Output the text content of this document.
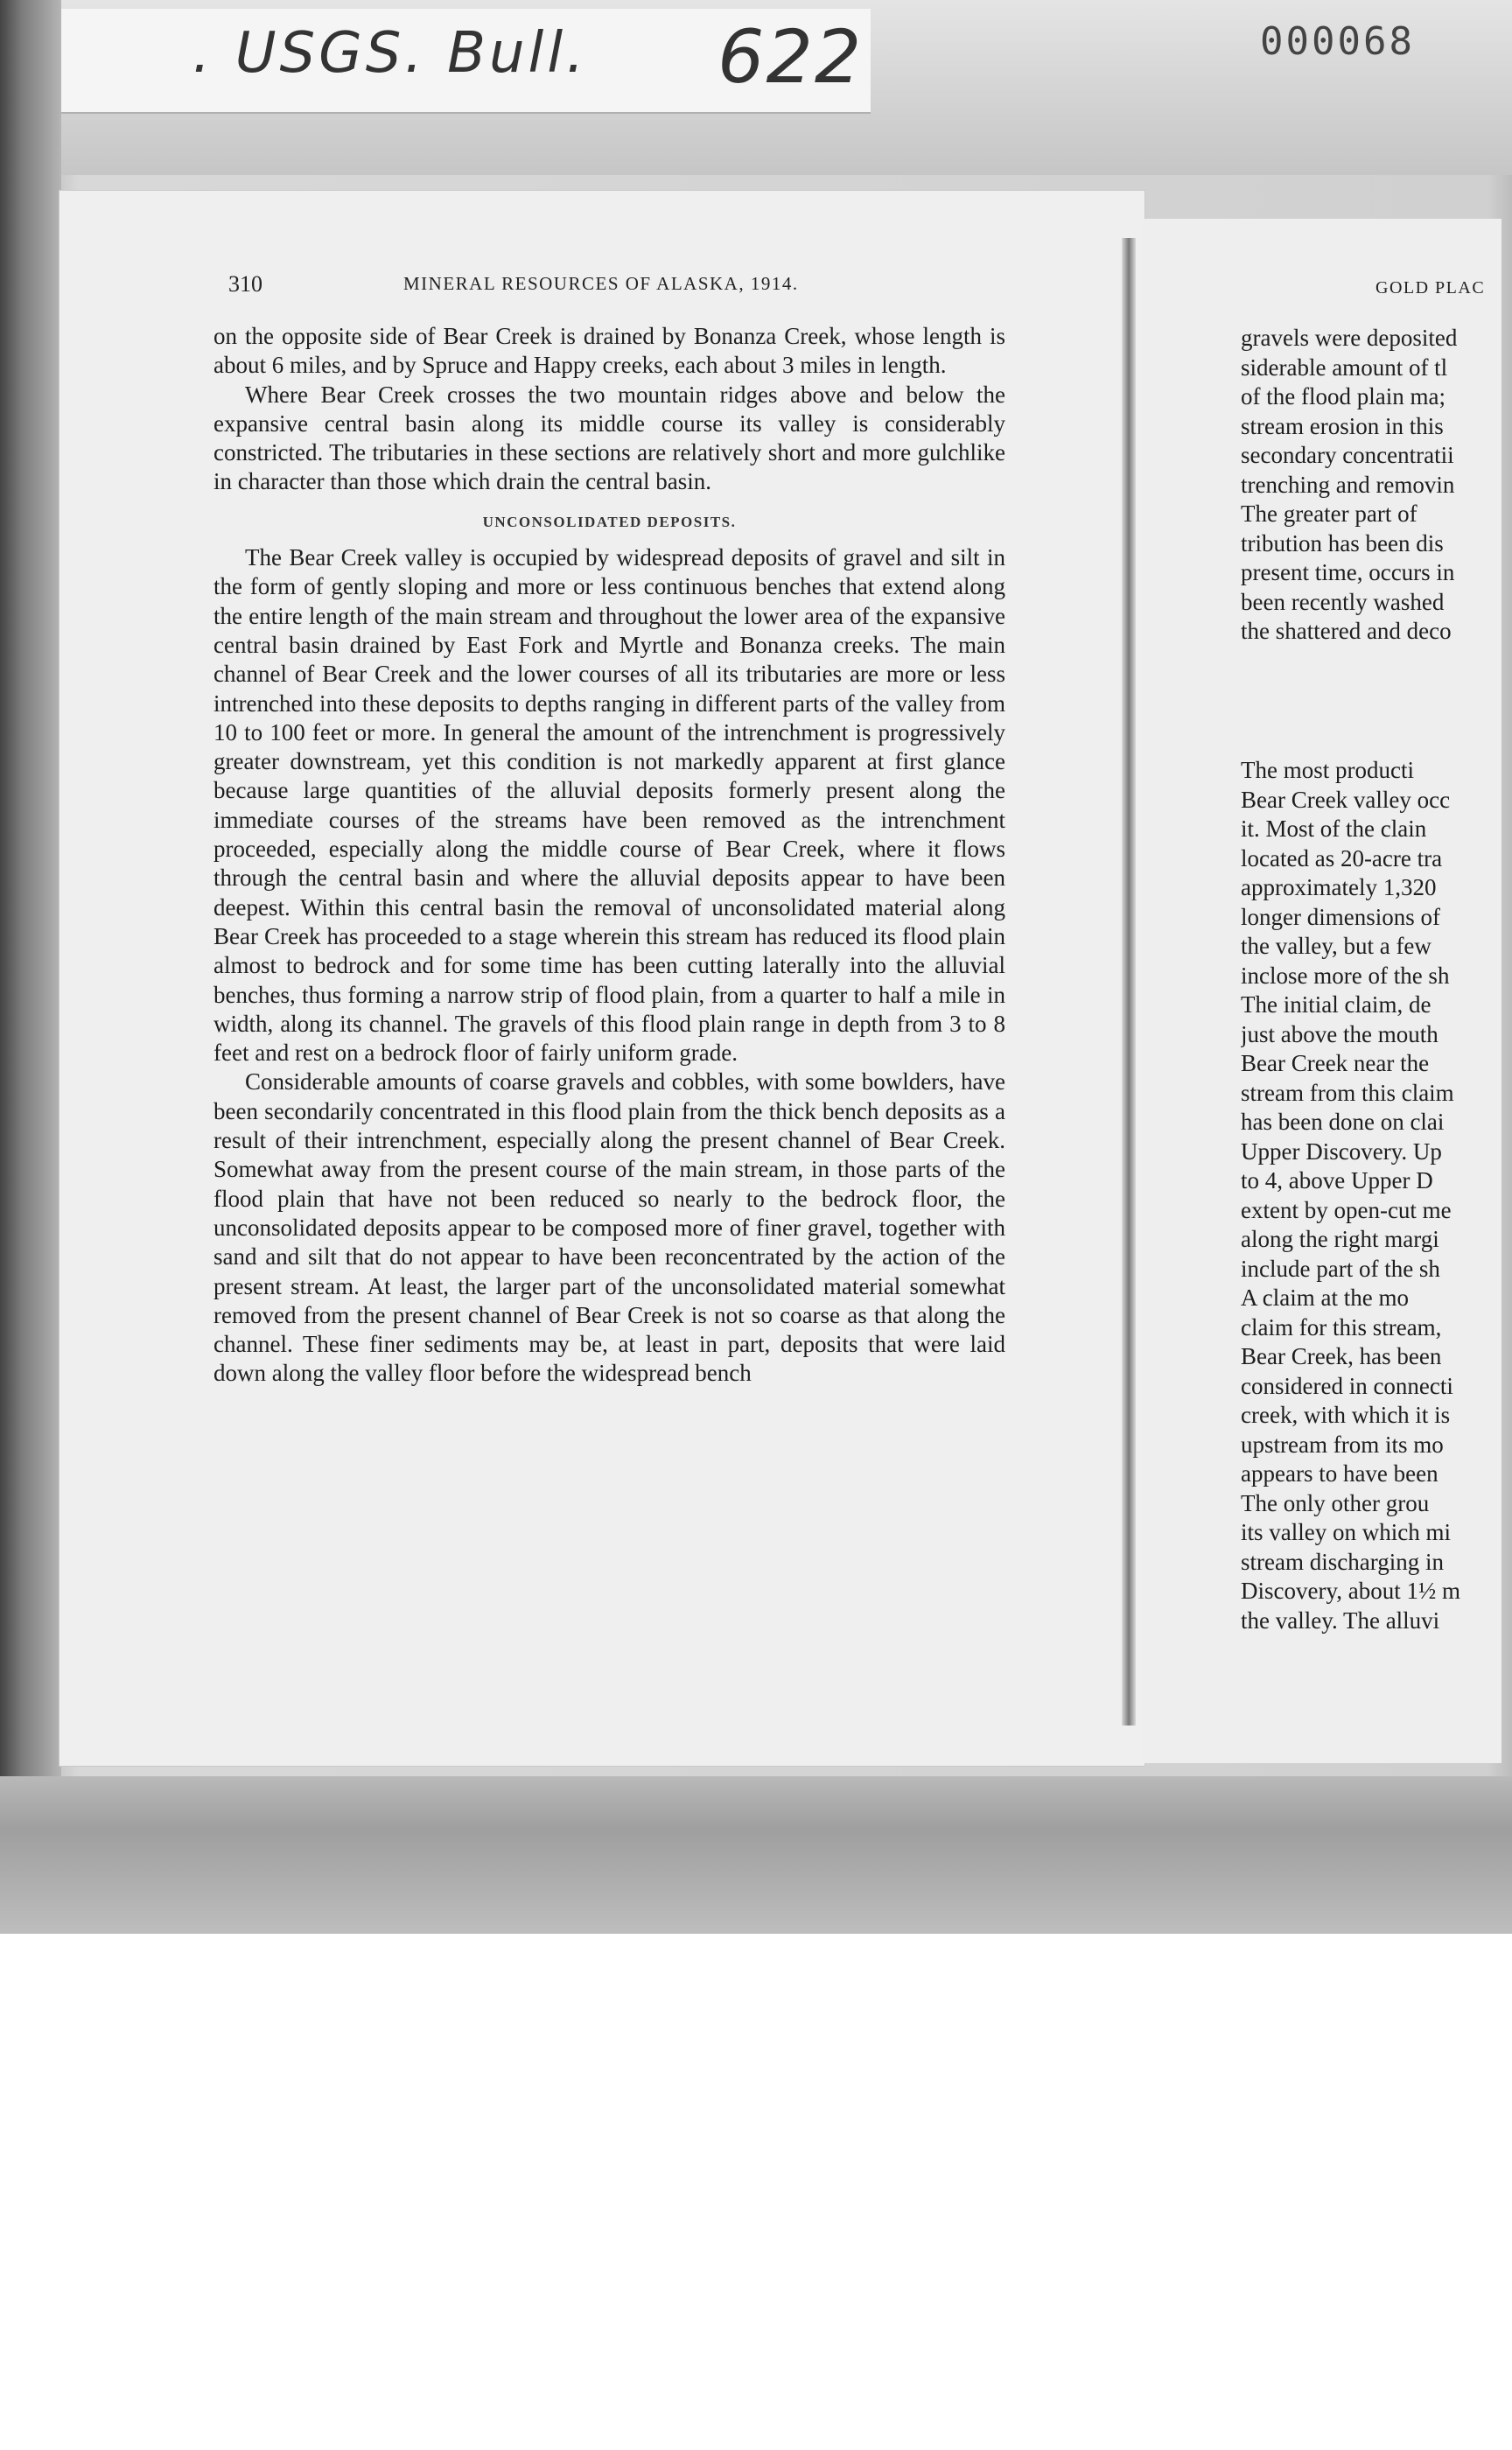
. USGS. Bull. 622	000068
310	MINERAL RESOURCES OF ALASKA, 1914.

on the opposite side of Bear Creek is drained by Bonanza Creek, whose length is about 6 miles, and by Spruce and Happy creeks, each about 3 miles in length.

Where Bear Creek crosses the two mountain ridges above and below the expansive central basin along its middle course its valley is considerably constricted. The tributaries in these sections are relatively short and more gulchlike in character than those which drain the central basin.

UNCONSOLIDATED DEPOSITS.

The Bear Creek valley is occupied by widespread deposits of gravel and silt in the form of gently sloping and more or less continuous benches that extend along the entire length of the main stream and throughout the lower area of the expansive central basin drained by East Fork and Myrtle and Bonanza creeks. The main channel of Bear Creek and the lower courses of all its tributaries are more or less intrenched into these deposits to depths ranging in different parts of the valley from 10 to 100 feet or more. In general the amount of the intrenchment is progressively greater downstream, yet this condition is not markedly apparent at first glance because large quantities of the alluvial deposits formerly present along the immediate courses of the streams have been removed as the intrenchment proceeded, especially along the middle course of Bear Creek, where it flows through the central basin and where the alluvial deposits appear to have been deepest. Within this central basin the removal of unconsolidated material along Bear Creek has proceeded to a stage wherein this stream has reduced its flood plain almost to bedrock and for some time has been cutting laterally into the alluvial benches, thus forming a narrow strip of flood plain, from a quarter to half a mile in width, along its channel. The gravels of this flood plain range in depth from 3 to 8 feet and rest on a bedrock floor of fairly uniform grade.

Considerable amounts of coarse gravels and cobbles, with some bowlders, have been secondarily concentrated in this flood plain from the thick bench deposits as a result of their intrenchment, especially along the present channel of Bear Creek. Somewhat away from the present course of the main stream, in those parts of the flood plain that have not been reduced so nearly to the bedrock floor, the unconsolidated deposits appear to be composed more of finer gravel, together with sand and silt that do not appear to have been reconcentrated by the action of the present stream. At least, the larger part of the unconsolidated material somewhat removed from the present channel of Bear Creek is not so coarse as that along the channel. These finer sediments may be, at least in part, deposits that were laid down along the valley floor before the widespread bench

GOLD PLAC
gravels were deposited
siderable amount of tl
of the flood plain ma;
stream erosion in this
secondary concentratii
trenching and removin
The greater part of
tribution has been dis
present time, occurs in
been recently washed
the shattered and deco
The most producti
Bear Creek valley occ
it. Most of the clain
located as 20-acre tra
approximately 1,320
longer dimensions of
the valley, but a few
inclose more of the sh
The initial claim, de
just above the mouth
Bear Creek near the
stream from this claim
has been done on clai
Upper Discovery. Up
to 4, above Upper D
extent by open-cut me
along the right margi
include part of the sh
A claim at the mo
claim for this stream,
Bear Creek, has been
considered in connecti
creek, with which it is
upstream from its mo
appears to have been
The only other grou
its valley on which mi
stream discharging in
Discovery, about 1½ m
the valley. The alluvi
